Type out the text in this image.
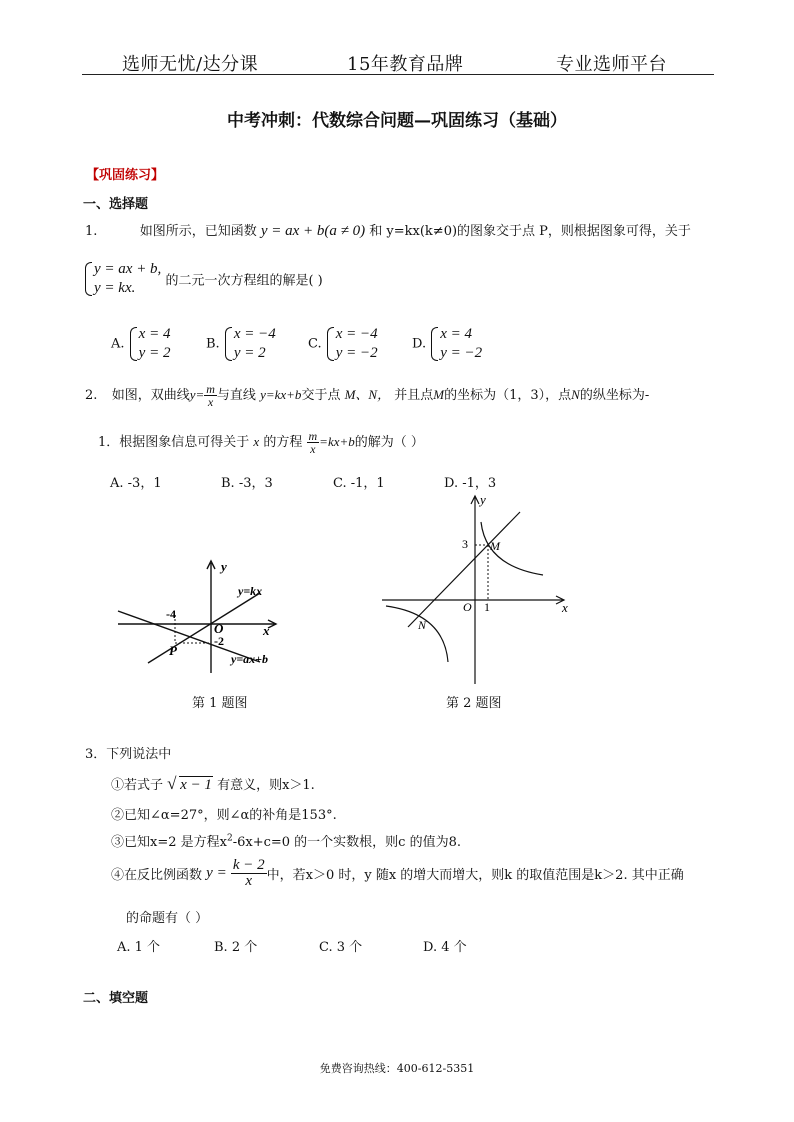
选师无忧/达分课	15年教育品牌	专业选师平台
中考冲刺：代数综合问题—巩固练习（基础）
【巩固练习】
一、选择题
1.	如图所示，已知函数 y = ax + b(a ≠ 0) 和 y=kx(k≠0)的图象交于点 P，则根据图象可得，关于
y = ax + b,
y = kx.	的二元一次方程组的解是( )
A.
x = 4
y = 2
B.
x = −4
y = 2
C.
x = −4
y = −2
D.
x = 4
y = −2
2. 如图，双曲线$y= \frac{m}{x}$ 与直线 y=kx+b交于点 M、N， 并且点M的坐标为（1，3），点N的纵坐标为-
1．根据图象信息可得关于 x 的方程 $\frac{m}{x} =kx+b$的解为（ ）
A. -3，1	B. -3，3	C. -1，1	D. -1，3
y
x
y=kx
y=ax+b
O
-4
-2
P
第 1 题图
y
x
3
O 1
M
N
第 2 题图
3．下列说法中
①若式子 √ x − 1 有意义，则x＞1.
②已知∠α=27°，则∠α的补角是153°.
③已知x=2 是方程$x^2-6x+c=0$ 的一个实数根，则c 的值为8.
④在反比例函数 $y = \frac{k - 2}{x}$ 中，若x＞0 时，y 随x 的增大而增大，则k 的取值范围是k＞2. 其中正确
的命题有（ ）
A. 1 个	B. 2 个	C. 3 个	D. 4 个
二、填空题
免费咨询热线：400-612-5351
